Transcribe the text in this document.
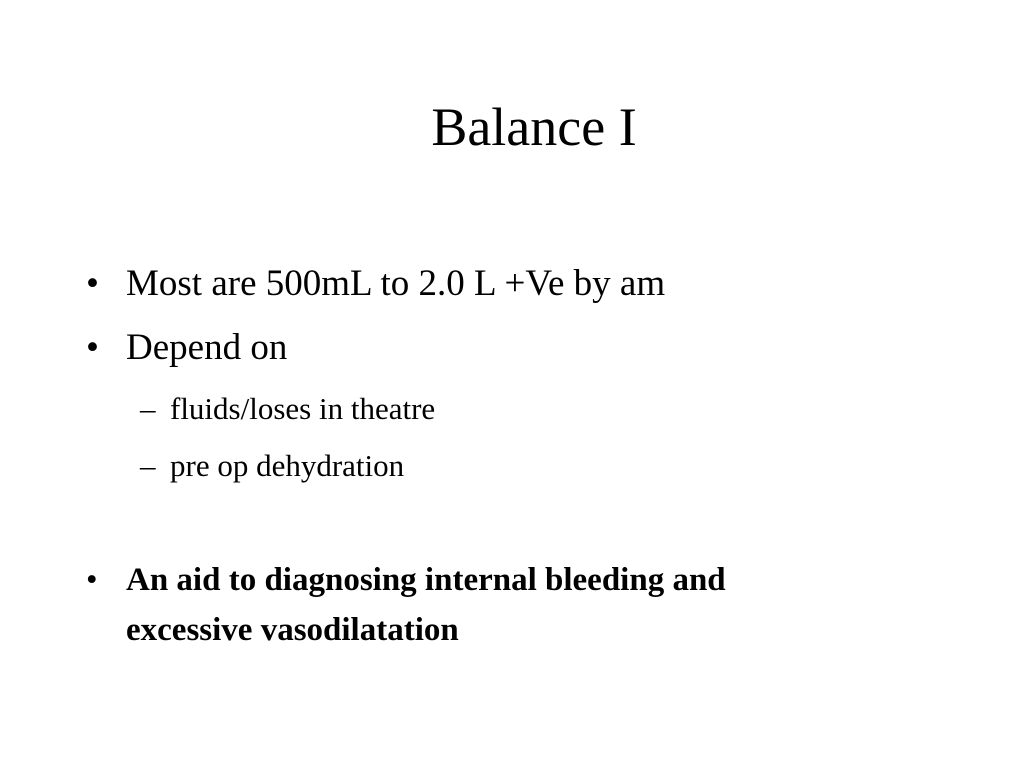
Balance I
• Most are 500mL to 2.0 L +Ve by am
• Depend on
– fluids/loses in theatre
– pre op dehydration
• An aid to diagnosing internal bleeding and
excessive vasodilatation
